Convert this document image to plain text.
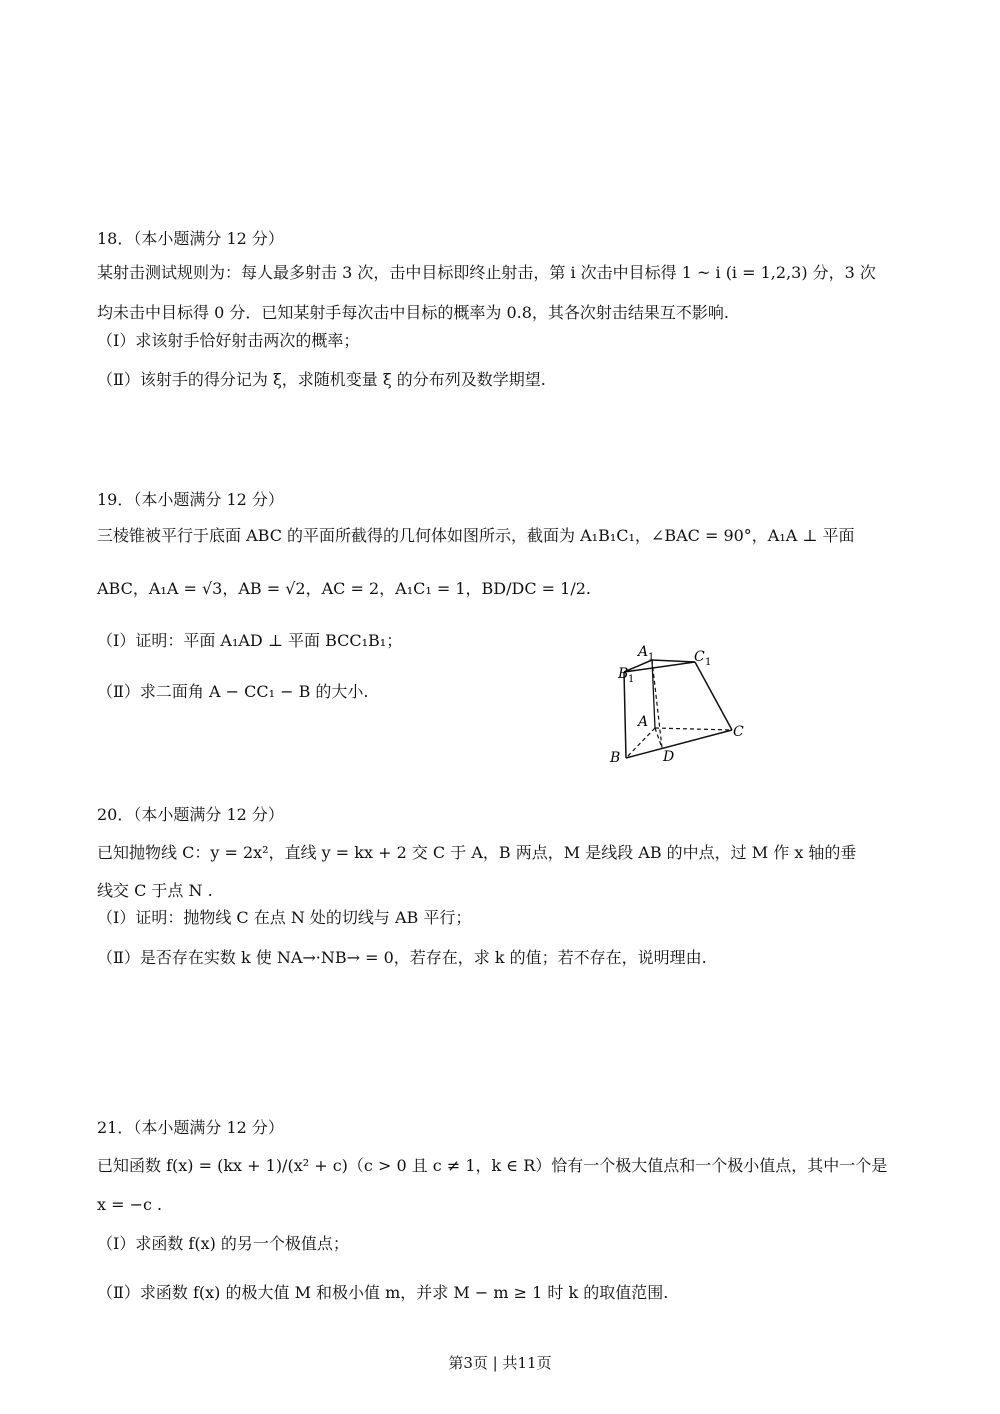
18．（本小题满分 12 分）
某射击测试规则为：每人最多射击 3 次，击中目标即终止射击，第 i 次击中目标得 1 ~ i (i = 1,2,3) 分，3 次
均未击中目标得 0 分．已知某射手每次击中目标的概率为 0.8，其各次射击结果互不影响.
（Ⅰ）求该射手恰好射击两次的概率；
（Ⅱ）该射手的得分记为 ξ，求随机变量 ξ 的分布列及数学期望.
19．（本小题满分 12 分）
三棱锥被平行于底面 ABC 的平面所截得的几何体如图所示，截面为 A₁B₁C₁，∠BAC = 90°，A₁A ⊥ 平面
ABC，A₁A = √3，AB = √2，AC = 2，A₁C₁ = 1，BD/DC = 1/2.
（Ⅰ）证明：平面 A₁AD ⊥ 平面 BCC₁B₁；
（Ⅱ）求二面角 A − CC₁ − B 的大小.
A 1	C 1
B 1
A
C
B	D
20．（本小题满分 12 分）
已知抛物线 C：y = 2x²，直线 y = kx + 2 交 C 于 A，B 两点，M 是线段 AB 的中点，过 M 作 x 轴的垂
线交 C 于点 N .
（Ⅰ）证明：抛物线 C 在点 N 处的切线与 AB 平行；
（Ⅱ）是否存在实数 k 使 NA→·NB→ = 0，若存在，求 k 的值；若不存在，说明理由.
21．（本小题满分 12 分）
已知函数 f(x) = (kx + 1)/(x² + c)（c > 0 且 c ≠ 1，k ∈ R）恰有一个极大值点和一个极小值点，其中一个是
x = −c .
（Ⅰ）求函数 f(x) 的另一个极值点；
（Ⅱ）求函数 f(x) 的极大值 M 和极小值 m，并求 M − m ≥ 1 时 k 的取值范围.
第3页 | 共11页
